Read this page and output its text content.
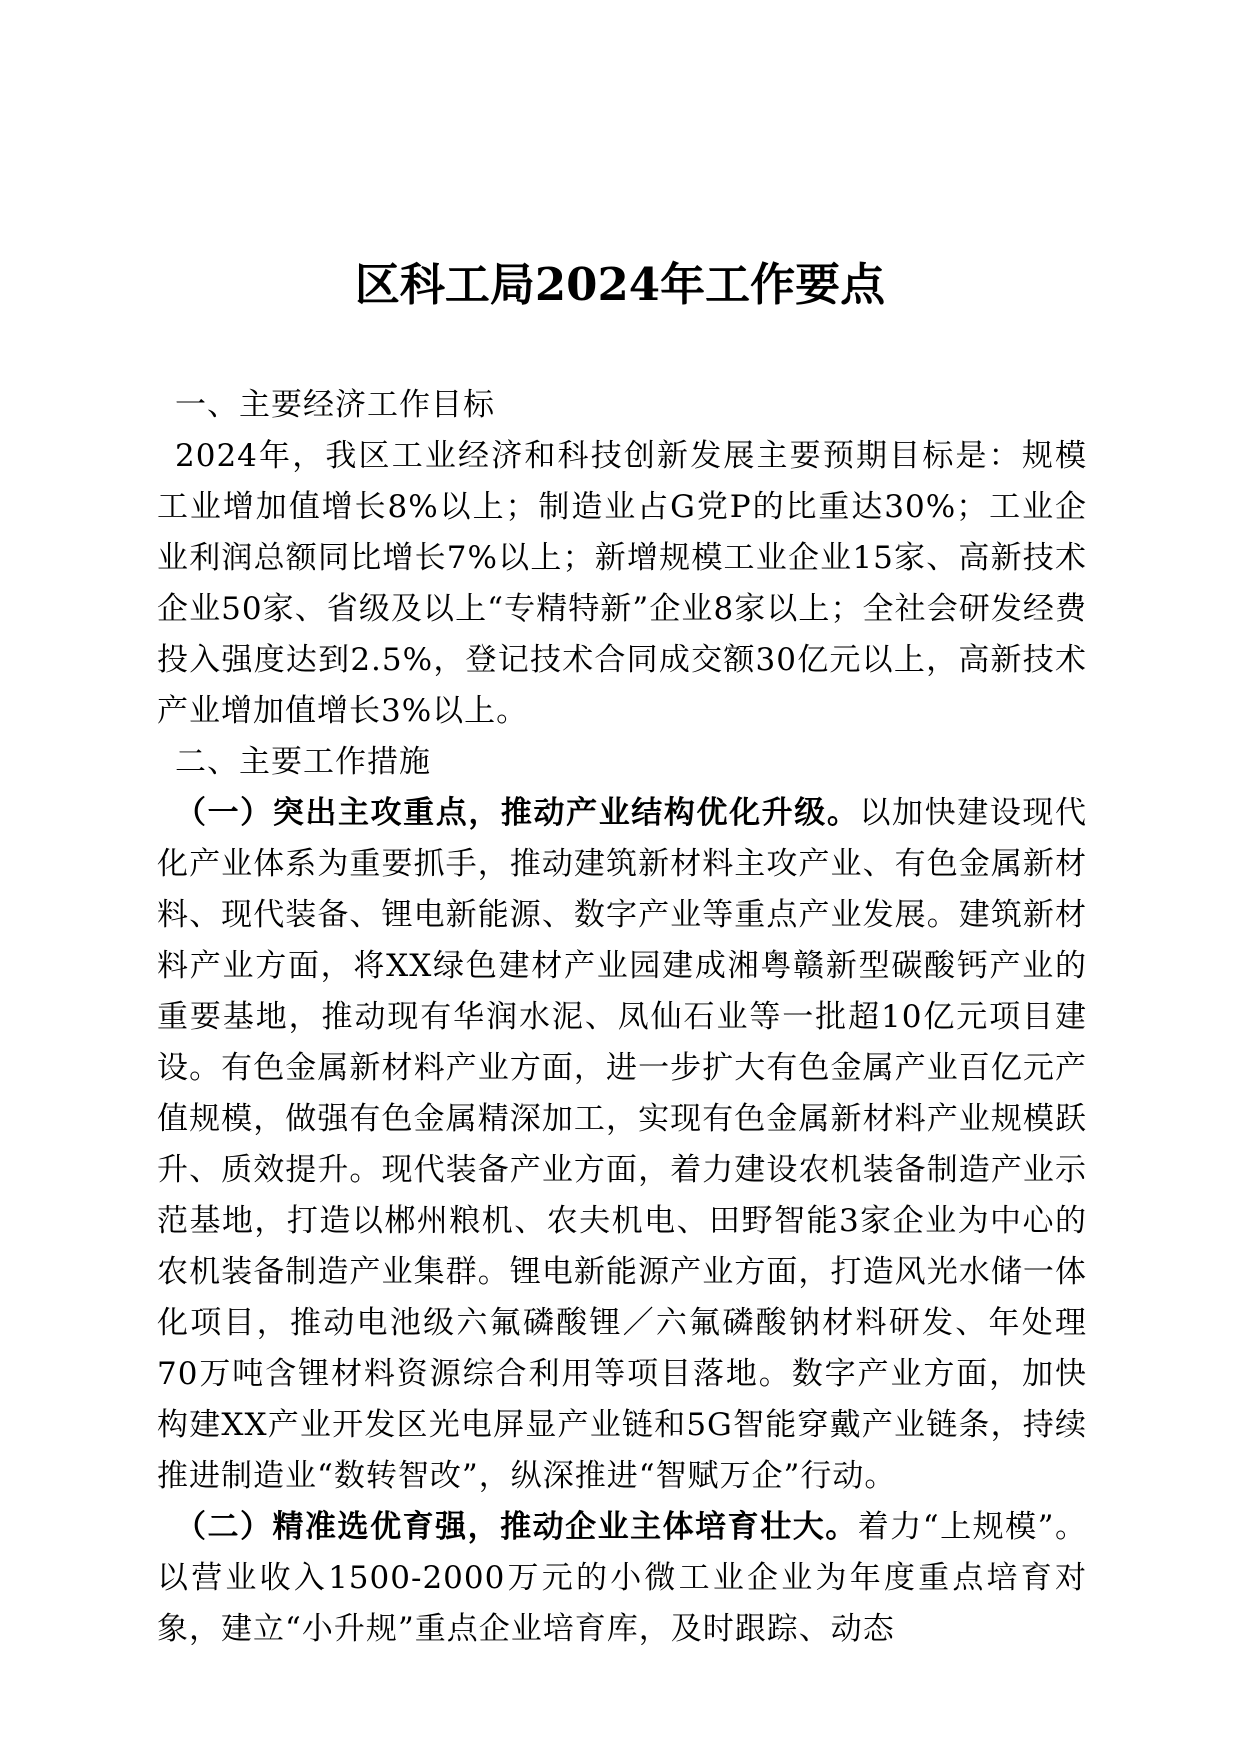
区科工局2024年工作要点
一、主要经济工作目标

2024年，我区工业经济和科技创新发展主要预期目标是：规模工业增加值增长8%以上；制造业占G党P的比重达30%；工业企业利润总额同比增长7%以上；新增规模工业企业15家、高新技术企业50家、省级及以上“专精特新”企业8家以上；全社会研发经费投入强度达到2.5%，登记技术合同成交额30亿元以上，高新技术产业增加值增长3%以上。

二、主要工作措施

（一）突出主攻重点，推动产业结构优化升级。以加快建设现代化产业体系为重要抓手，推动建筑新材料主攻产业、有色金属新材料、现代装备、锂电新能源、数字产业等重点产业发展。建筑新材料产业方面，将XX绿色建材产业园建成湘粤赣新型碳酸钙产业的重要基地，推动现有华润水泥、凤仙石业等一批超10亿元项目建设。有色金属新材料产业方面，进一步扩大有色金属产业百亿元产值规模，做强有色金属精深加工，实现有色金属新材料产业规模跃升、质效提升。现代装备产业方面，着力建设农机装备制造产业示范基地，打造以郴州粮机、农夫机电、田野智能3家企业为中心的农机装备制造产业集群。锂电新能源产业方面，打造风光水储一体化项目，推动电池级六氟磷酸锂／六氟磷酸钠材料研发、年处理70万吨含锂材料资源综合利用等项目落地。数字产业方面，加快构建XX产业开发区光电屏显产业链和5G智能穿戴产业链条，持续推进制造业“数转智改”，纵深推进“智赋万企”行动。

（二）精准选优育强，推动企业主体培育壮大。着力“上规模”。以营业收入1500-2000万元的小微工业企业为年度重点培育对象，建立“小升规”重点企业培育库，及时跟踪、动态
